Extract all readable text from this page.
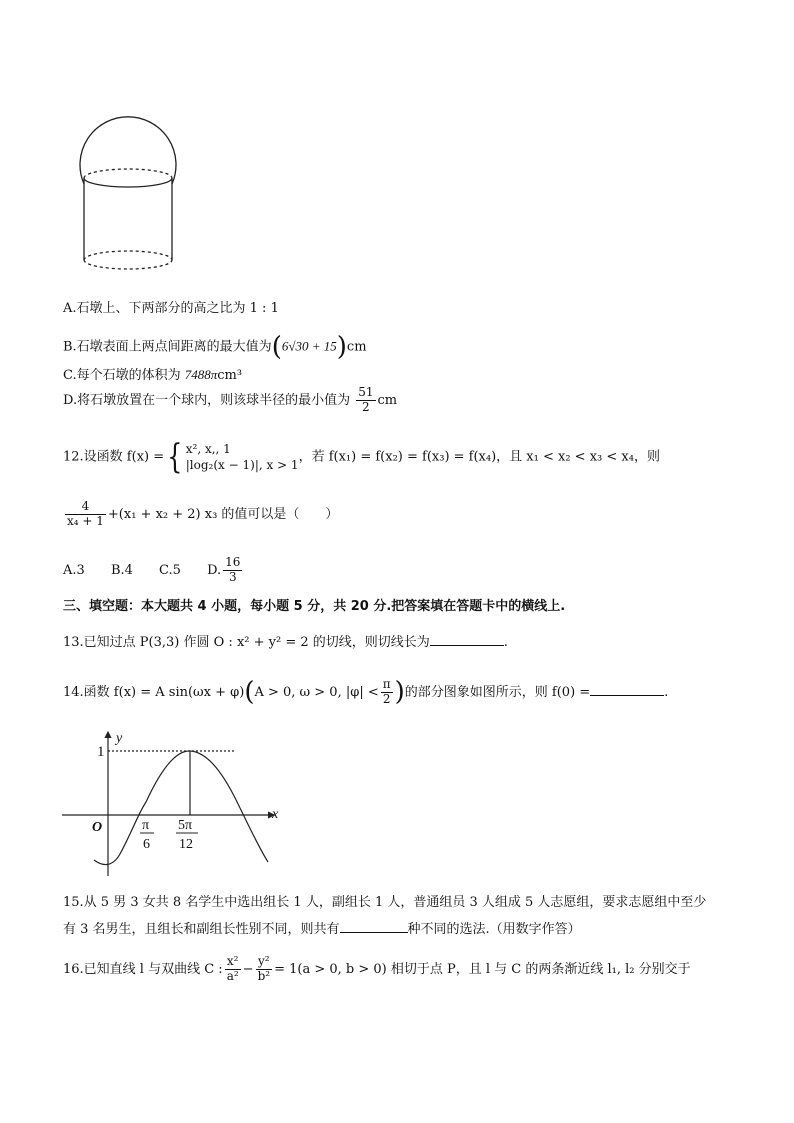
A.石墩上、下两部分的高之比为 1 : 1
B.石墩表面上两点间距离的最大值为(6√30 + 15)cm
C.每个石墩的体积为 7488πcm³
D.将石墩放置在一个球内，则该球半径的最小值为 $\frac{51}{2}$ cm
12.设函数 f(x) ={ x², x,, 1
|log₂(x − 1)|, x > 1，若 f(x₁) = f(x₂) = f(x₃) = f(x₄)，且 x₁ < x₂ < x₃ < x₄，则
$\frac{4}{\text{x₄ + 1}} +(x_1 + x_2 + 2)$ x₃ 的值可以是（　　）
A.3 B.4 C.5 D. $\frac{16}{3}$
三、填空题：本大题共 4 小题，每小题 5 分，共 20 分.把答案填在答题卡中的横线上.
13.已知过点 P(3,3) 作圆 O : x² + y² = 2 的切线，则切线长为	.
14.函数 f(x) = A sin(ωx + φ)(A > 0, ω > 0, $|\varphi| < \frac{\pi}{2}$ )的部分图象如图所示，则 f(0) =	.
y
x
O
1
π
6
5π
12
15.从 5 男 3 女共 8 名学生中选出组长 1 人，副组长 1 人，普通组员 3 人组成 5 人志愿组，要求志愿组中至少
有 3 名男生，且组长和副组长性别不同，则共有	种不同的选法.（用数字作答）
16.已知直线 l 与双曲线 C : $\frac{\text{x²}}{\text{a²}} - \frac{\text{y²}}{\text{b²}} = 1(a > 0$, b > 0) 相切于点 P，且 l 与 C 的两条渐近线 l₁, l₂ 分别交于
